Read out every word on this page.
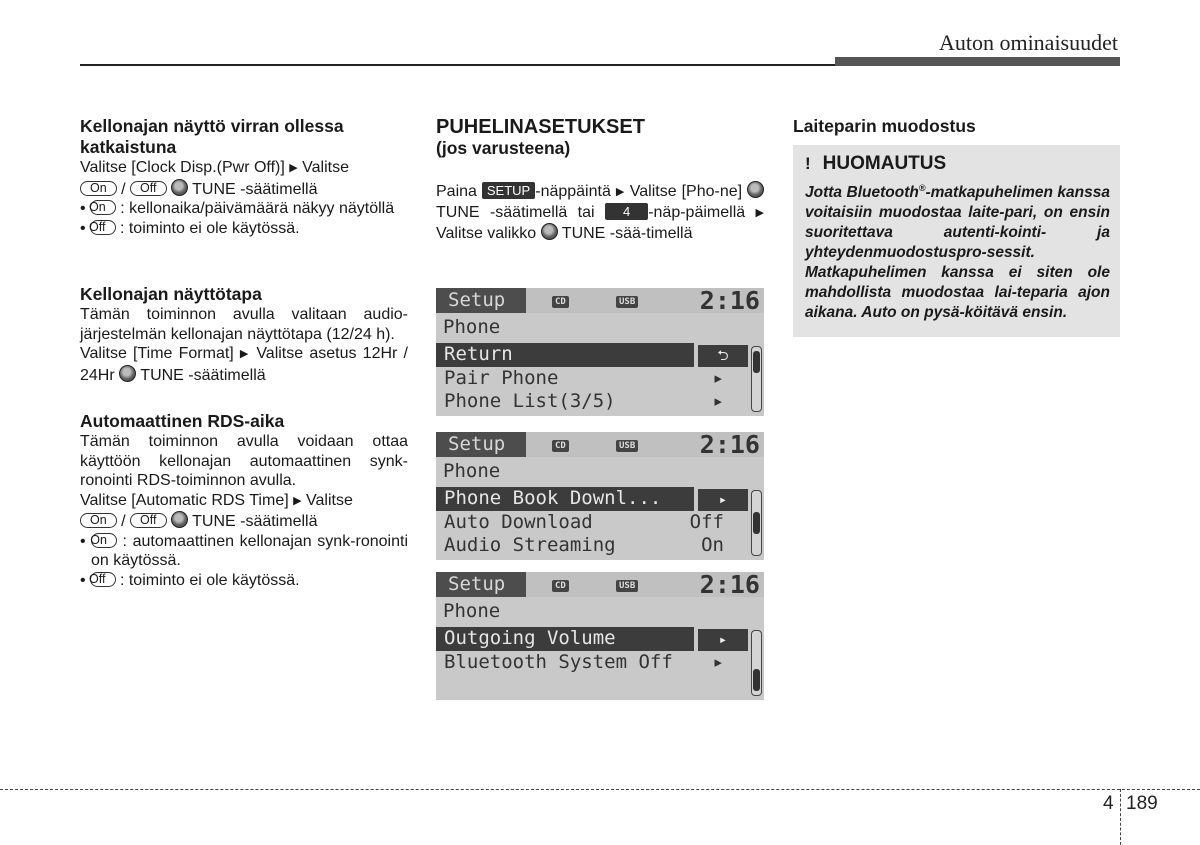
Auton ominaisuudet
Kellonajan näyttö virran ollessa katkaistuna

Valitse [Clock Disp.(Pwr Off)] ▶ Valitse
On / Off TUNE -säätimellä

• On : kellonaika/päivämäärä näkyy näytöllä

• Off : toiminto ei ole käytössä.

Kellonajan näyttötapa

Tämän toiminnon avulla valitaan audio-järjestelmän kellonajan näyttötapa (12/24 h).

Valitse [Time Format] ▶ Valitse asetus 12Hr / 24Hr TUNE -säätimellä

Automaattinen RDS-aika

Tämän toiminnon avulla voidaan ottaa käyttöön kellonajan automaattinen synk-ronointi RDS-toiminnon avulla.

Valitse [Automatic RDS Time] ▶ Valitse
On / Off TUNE -säätimellä

• On : automaattinen kellonajan synk-ronointi on käytössä.

• Off : toiminto ei ole käytössä.

PUHELINASETUKSET
(jos varusteena)

Paina SETUP -näppäintä ▶ Valitse [Pho-ne]  TUNE -säätimellä tai 4 -näp-päimellä ▶ Valitse valikko TUNE -sää-timellä

Setup	CD	USB	2:16
Phone
Return	⮌
Pair Phone	▸
Phone List(3/5)	▸
Setup	CD	USB	2:16
Phone
Phone Book Downl...	▸
Auto Download	Off
Audio Streaming	On
Setup	CD	USB	2:16
Phone
Outgoing Volume	▸
Bluetooth System Off ▸
Laiteparin muodostus
! HUOMAUTUS
Jotta Bluetooth®-matkapuhelimen kanssa voitaisiin muodostaa laite-pari, on ensin suoritettava autenti-kointi- ja yhteydenmuodostuspro-sessit. Matkapuhelimen kanssa ei siten ole mahdollista muodostaa lai-teparia ajon aikana. Auto on pysä-köitävä ensin.
4 189
